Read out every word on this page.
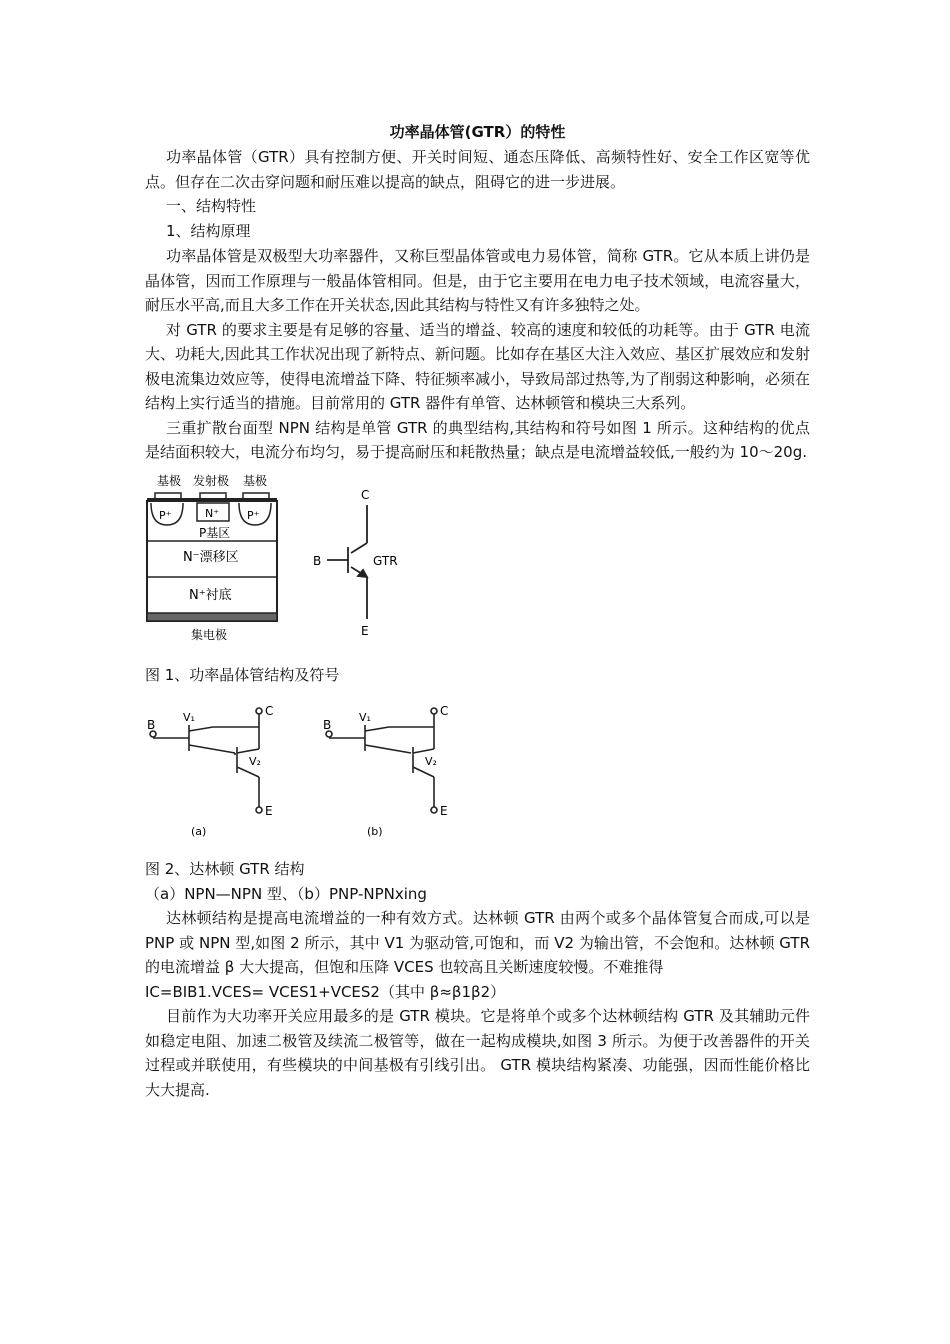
功率晶体管(GTR）的特性

功率晶体管（GTR）具有控制方便、开关时间短、通态压降低、高频特性好、安全工作区宽等优点。但存在二次击穿问题和耐压难以提高的缺点，阻碍它的进一步进展。

一、结构特性

1、结构原理

功率晶体管是双极型大功率器件，又称巨型晶体管或电力易体管，简称 GTR。它从本质上讲仍是晶体管，因而工作原理与一般晶体管相同。但是，由于它主要用在电力电子技术领域，电流容量大，耐压水平高,而且大多工作在开关状态,因此其结构与特性又有许多独特之处。

对 GTR 的要求主要是有足够的容量、适当的增益、较高的速度和较低的功耗等。由于 GTR 电流大、功耗大,因此其工作状况出现了新特点、新问题。比如存在基区大注入效应、基区扩展效应和发射极电流集边效应等，使得电流增益下降、特征频率减小，导致局部过热等,为了削弱这种影响，必须在结构上实行适当的措施。目前常用的 GTR 器件有单管、达林顿管和模块三大系列。

三重扩散台面型 NPN 结构是单管 GTR 的典型结构,其结构和符号如图 1 所示。这种结构的优点是结面积较大，电流分布均匀，易于提高耐压和耗散热量；缺点是电流增益较低,一般约为 10～20g.

基极 发射极 基极
P⁺	N⁺	P⁺
P基区
N⁻漂移区
N⁺衬底
集电极
C
B	GTR
E

图 1、功率晶体管结构及符号

C
B
V₁
V₂
E
(a)
C
B
V₁
V₂
E
(b)

图 2、达林顿 GTR 结构

（a）NPN—NPN 型、（b）PNP-NPNxing

达林顿结构是提高电流增益的一种有效方式。达林顿 GTR 由两个或多个晶体管复合而成,可以是 PNP 或 NPN 型,如图 2 所示，其中 V1 为驱动管,可饱和，而 V2 为输出管，不会饱和。达林顿 GTR 的电流增益 β 大大提高，但饱和压降 VCES 也较高且关断速度较慢。不难推得

IC=BIB1.VCES= VCES1+VCES2（其中 β≈β1β2）

目前作为大功率开关应用最多的是 GTR 模块。它是将单个或多个达林顿结构 GTR 及其辅助元件如稳定电阻、加速二极管及续流二极管等，做在一起构成模块,如图 3 所示。为便于改善器件的开关过程或并联使用，有些模块的中间基极有引线引出。 GTR 模块结构紧凑、功能强，因而性能价格比大大提高.
